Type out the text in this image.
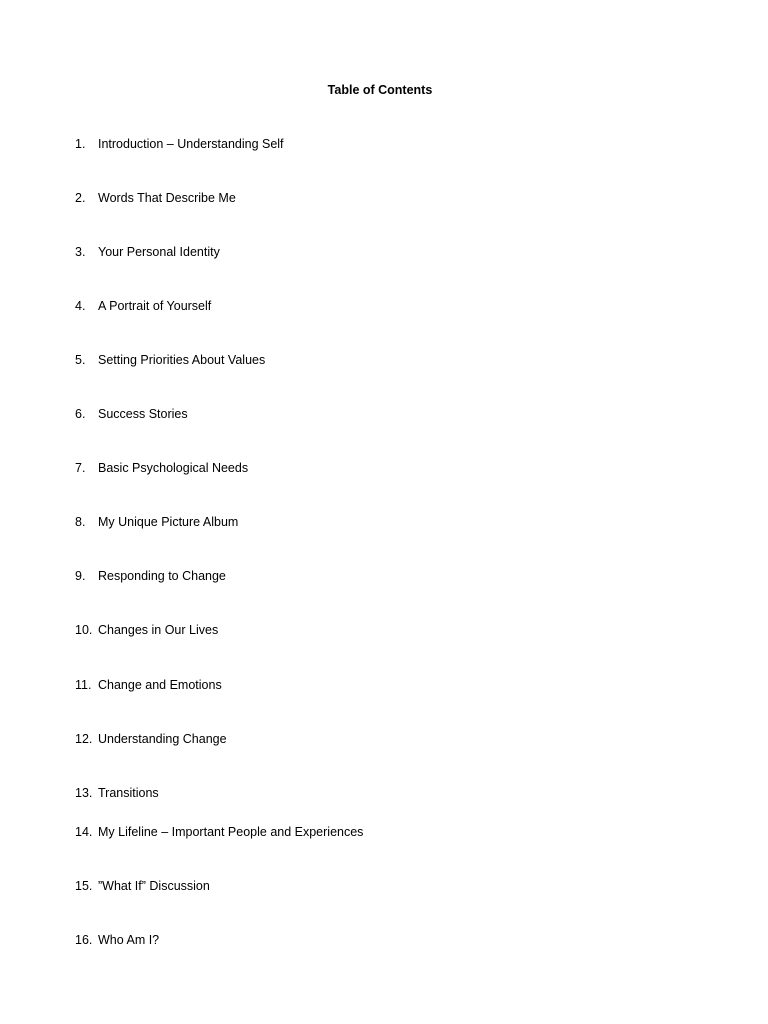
Table of Contents
1. Introduction – Understanding Self
2. Words That Describe Me
3. Your Personal Identity
4. A Portrait of Yourself
5. Setting Priorities About Values
6. Success Stories
7. Basic Psychological Needs
8. My Unique Picture Album
9. Responding to Change
10. Changes in Our Lives
11. Change and Emotions
12. Understanding Change
13. Transitions
14. My Lifeline – Important People and Experiences
15. ”What If” Discussion
16. Who Am I?
